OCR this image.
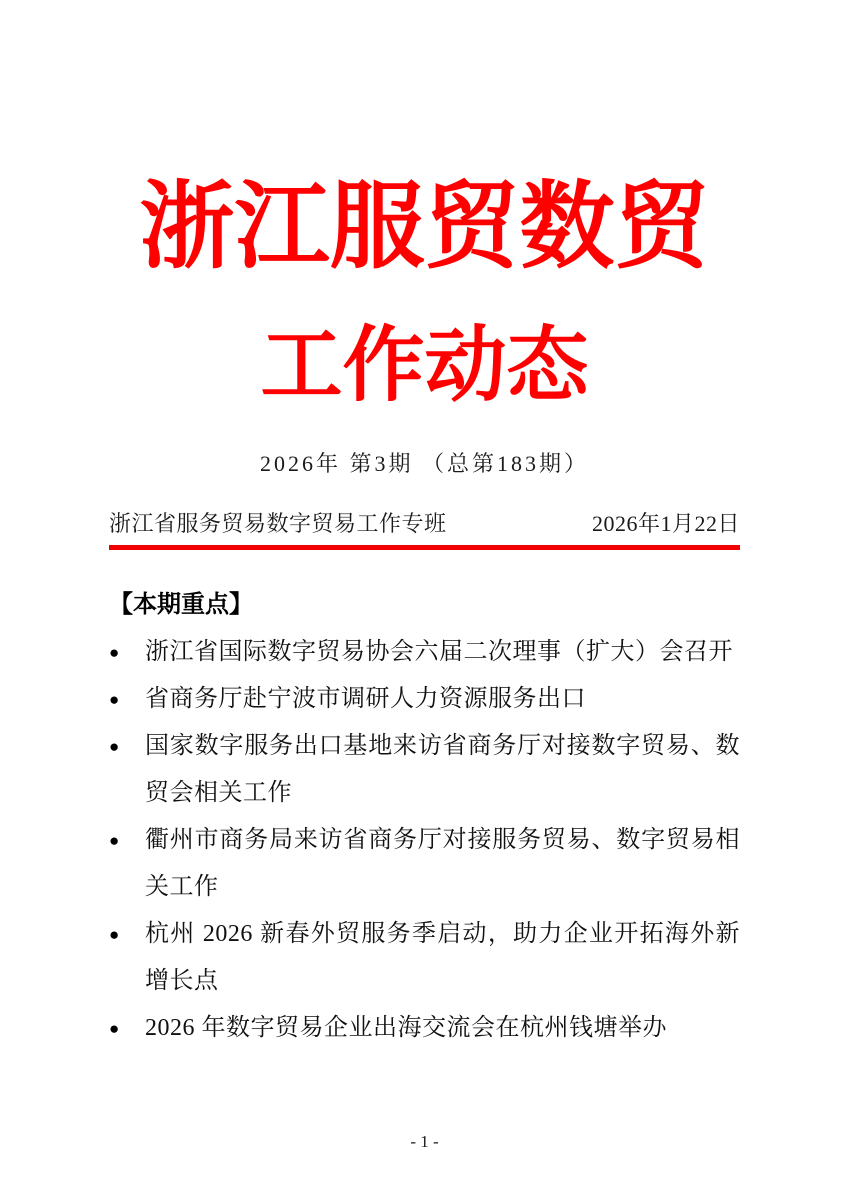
浙江服贸数贸
工作动态
2026年 第3期 （总第183期）
浙江省服务贸易数字贸易工作专班	2026年1月22日
【本期重点】
●	浙江省国际数字贸易协会六届二次理事（扩大）会召开
●	省商务厅赴宁波市调研人力资源服务出口
●	国家数字服务出口基地来访省商务厅对接数字贸易、数贸会相关工作
●	衢州市商务局来访省商务厅对接服务贸易、数字贸易相关工作
●	杭州 2026 新春外贸服务季启动，助力企业开拓海外新增长点
●	2026 年数字贸易企业出海交流会在杭州钱塘举办
- 1 -
